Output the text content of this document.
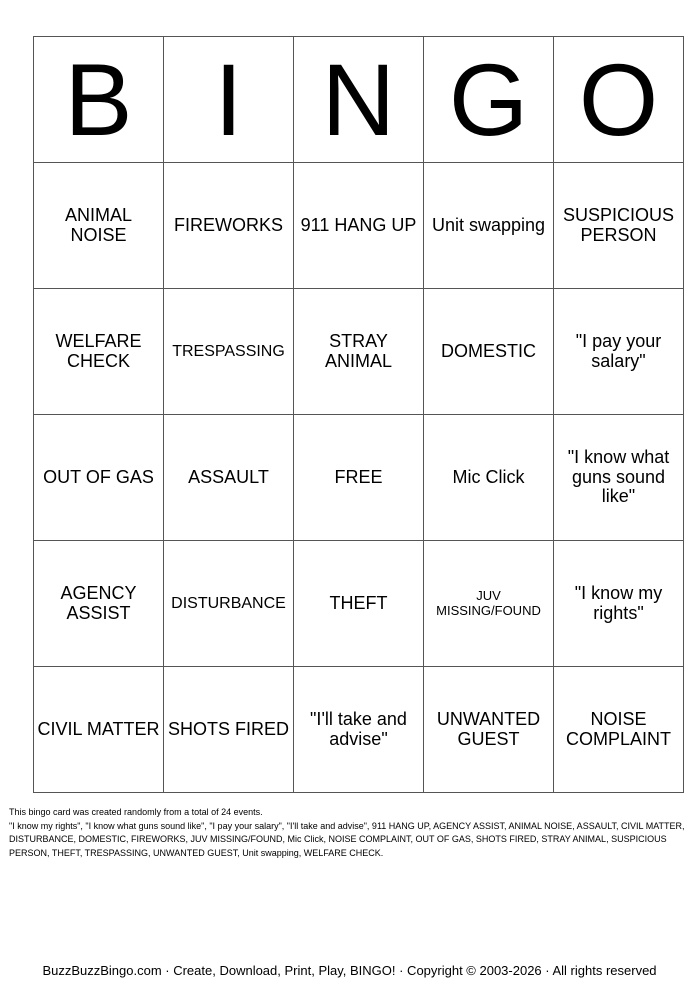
B	I	N	G	O
ANIMAL NOISE	FIREWORKS	911 HANG UP	Unit swapping	SUSPICIOUS PERSON
WELFARE CHECK	TRESPASSING	STRAY ANIMAL	DOMESTIC	"I pay your salary"
OUT OF GAS	ASSAULT	FREE	Mic Click	"I know what guns sound like"
AGENCY ASSIST	DISTURBANCE	THEFT	JUV MISSING/FOUND	"I know my rights"
CIVIL MATTER	SHOTS FIRED	"I'll take and advise"	UNWANTED GUEST	NOISE COMPLAINT

This bingo card was created randomly from a total of 24 events.

"I know my rights", "I know what guns sound like", "I pay your salary", "I'll take and advise", 911 HANG UP, AGENCY ASSIST, ANIMAL NOISE, ASSAULT, CIVIL MATTER, DISTURBANCE, DOMESTIC, FIREWORKS, JUV MISSING/FOUND, Mic Click, NOISE COMPLAINT, OUT OF GAS, SHOTS FIRED, STRAY ANIMAL, SUSPICIOUS PERSON, THEFT, TRESPASSING, UNWANTED GUEST, Unit swapping, WELFARE CHECK.

BuzzBuzzBingo.com · Create, Download, Print, Play, BINGO! · Copyright © 2003-2026 · All rights reserved
